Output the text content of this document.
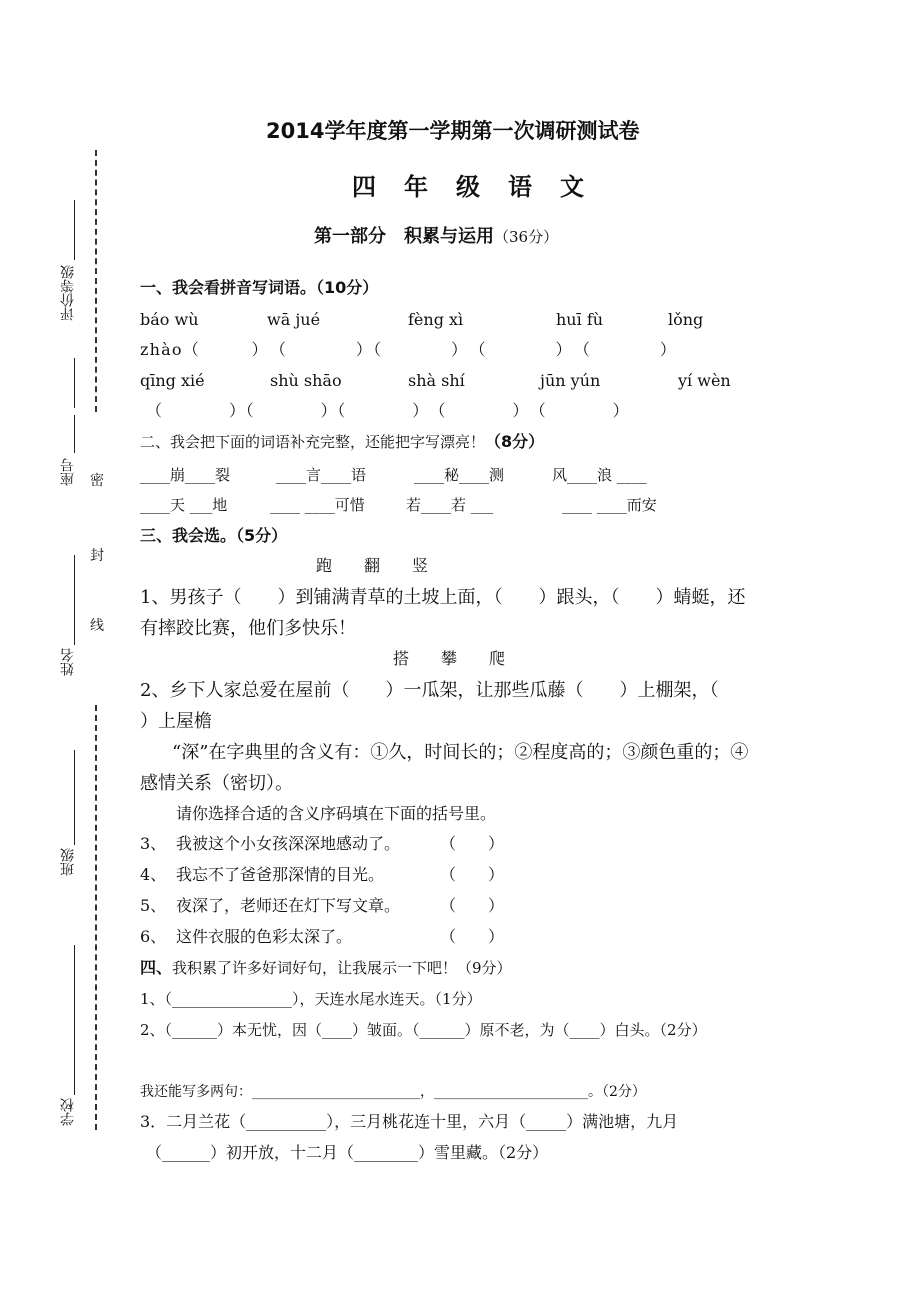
评价等级
座号
姓名
班级
学校
密
封
线
2014学年度第一学期第一次调研测试卷
四年级语文
第一部分　积累与运用（36分）
一、我会看拼音写词语。（10分）
báo wù	wā jué	fèng xì	huī fù	lǒng
zhào（　　　）　（　　　　）（　　　　）　（　　　　）　（　　　　）
qīng xié	shù shāo	shà shí	jūn yún	yí wèn
（　　　　）（　　　　）（　　　　）　（　　　　）　（　　　　）
二、我会把下面的词语补充完整，还能把字写漂亮！（8分）
____崩____裂	____言____语	____秘____测	风____浪 ____
____天 ___地	____ ____可惜	若____若 ___	____ ____而安
三、我会选。（5分）
跑　　翻　　竖
1、男孩子（　　）到铺满青草的土坡上面，（　　）跟头，（　　）蜻蜓，还
有摔跤比赛，他们多快乐！
搭　　攀　　爬
2、乡下人家总爱在屋前（　　）一瓜架，让那些瓜藤（　　）上棚架，（
）上屋檐
“深”在字典里的含义有：①久，时间长的；②程度高的；③颜色重的；④
感情关系（密切）。
请你选择合适的含义序码填在下面的括号里。
3、 我被这个小女孩深深地感动了。 （　　）
4、 我忘不了爸爸那深情的目光。	（　　）
5、 夜深了，老师还在灯下写文章。 （　　）
6、 这件衣服的色彩太深了。	（　　）
四、我积累了许多好词好句，让我展示一下吧！（9分）
1、（________________），天连水尾水连天。（1分）
2、（______）本无忧，因（____）皱面。（______）原不老，为（____）白头。（2分）
我还能写多两句：________________________，______________________。（2分）
3．二月兰花（__________），三月桃花连十里，六月（_____）满池塘，九月
（______）初开放，十二月（________）雪里藏。（2分）
